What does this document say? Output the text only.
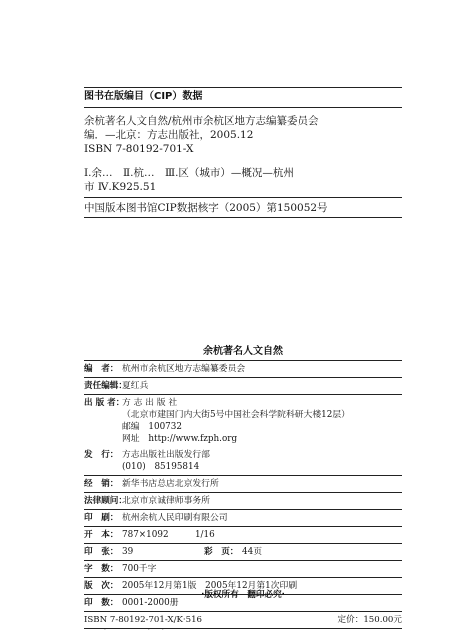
图书在版编目（CIP）数据
余杭著名人文自然/杭州市余杭区地方志编纂委员会
编．—北京：方志出版社，2005.12
ISBN 7-80192-701-X
Ⅰ.余…　Ⅱ.杭…　Ⅲ.区（城市）—概况—杭州
市 Ⅳ.K925.51
中国版本图书馆CIP数据核字（2005）第150052号
余杭著名人文自然
编　者： 杭州市余杭区地方志编纂委员会
责任编辑：
夏红兵
出 版 者：
方 志 出 版 社
（北京市建国门内大街5号中国社会科学院科研大楼12层）
邮编　100732
网址　http://www.fzph.org
发　行： 方志出版社出版发行部
(010)　85195814
经　销： 新华书店总店北京发行所
法律顾问：
北京市京诚律师事务所
印　刷： 杭州余杭人民印刷有限公司
开　本： 787×1092　　　1/16
印　张： 39	彩　页： 44页
字　数： 700千字
版　次： 2005年12月第1版　2005年12月第1次印刷
印　数： 0001-2000册
ISBN 7-80192-701-X/K·516	定价：150.00元
·版权所有　翻印必究·
·　　　　　　　·　　·
